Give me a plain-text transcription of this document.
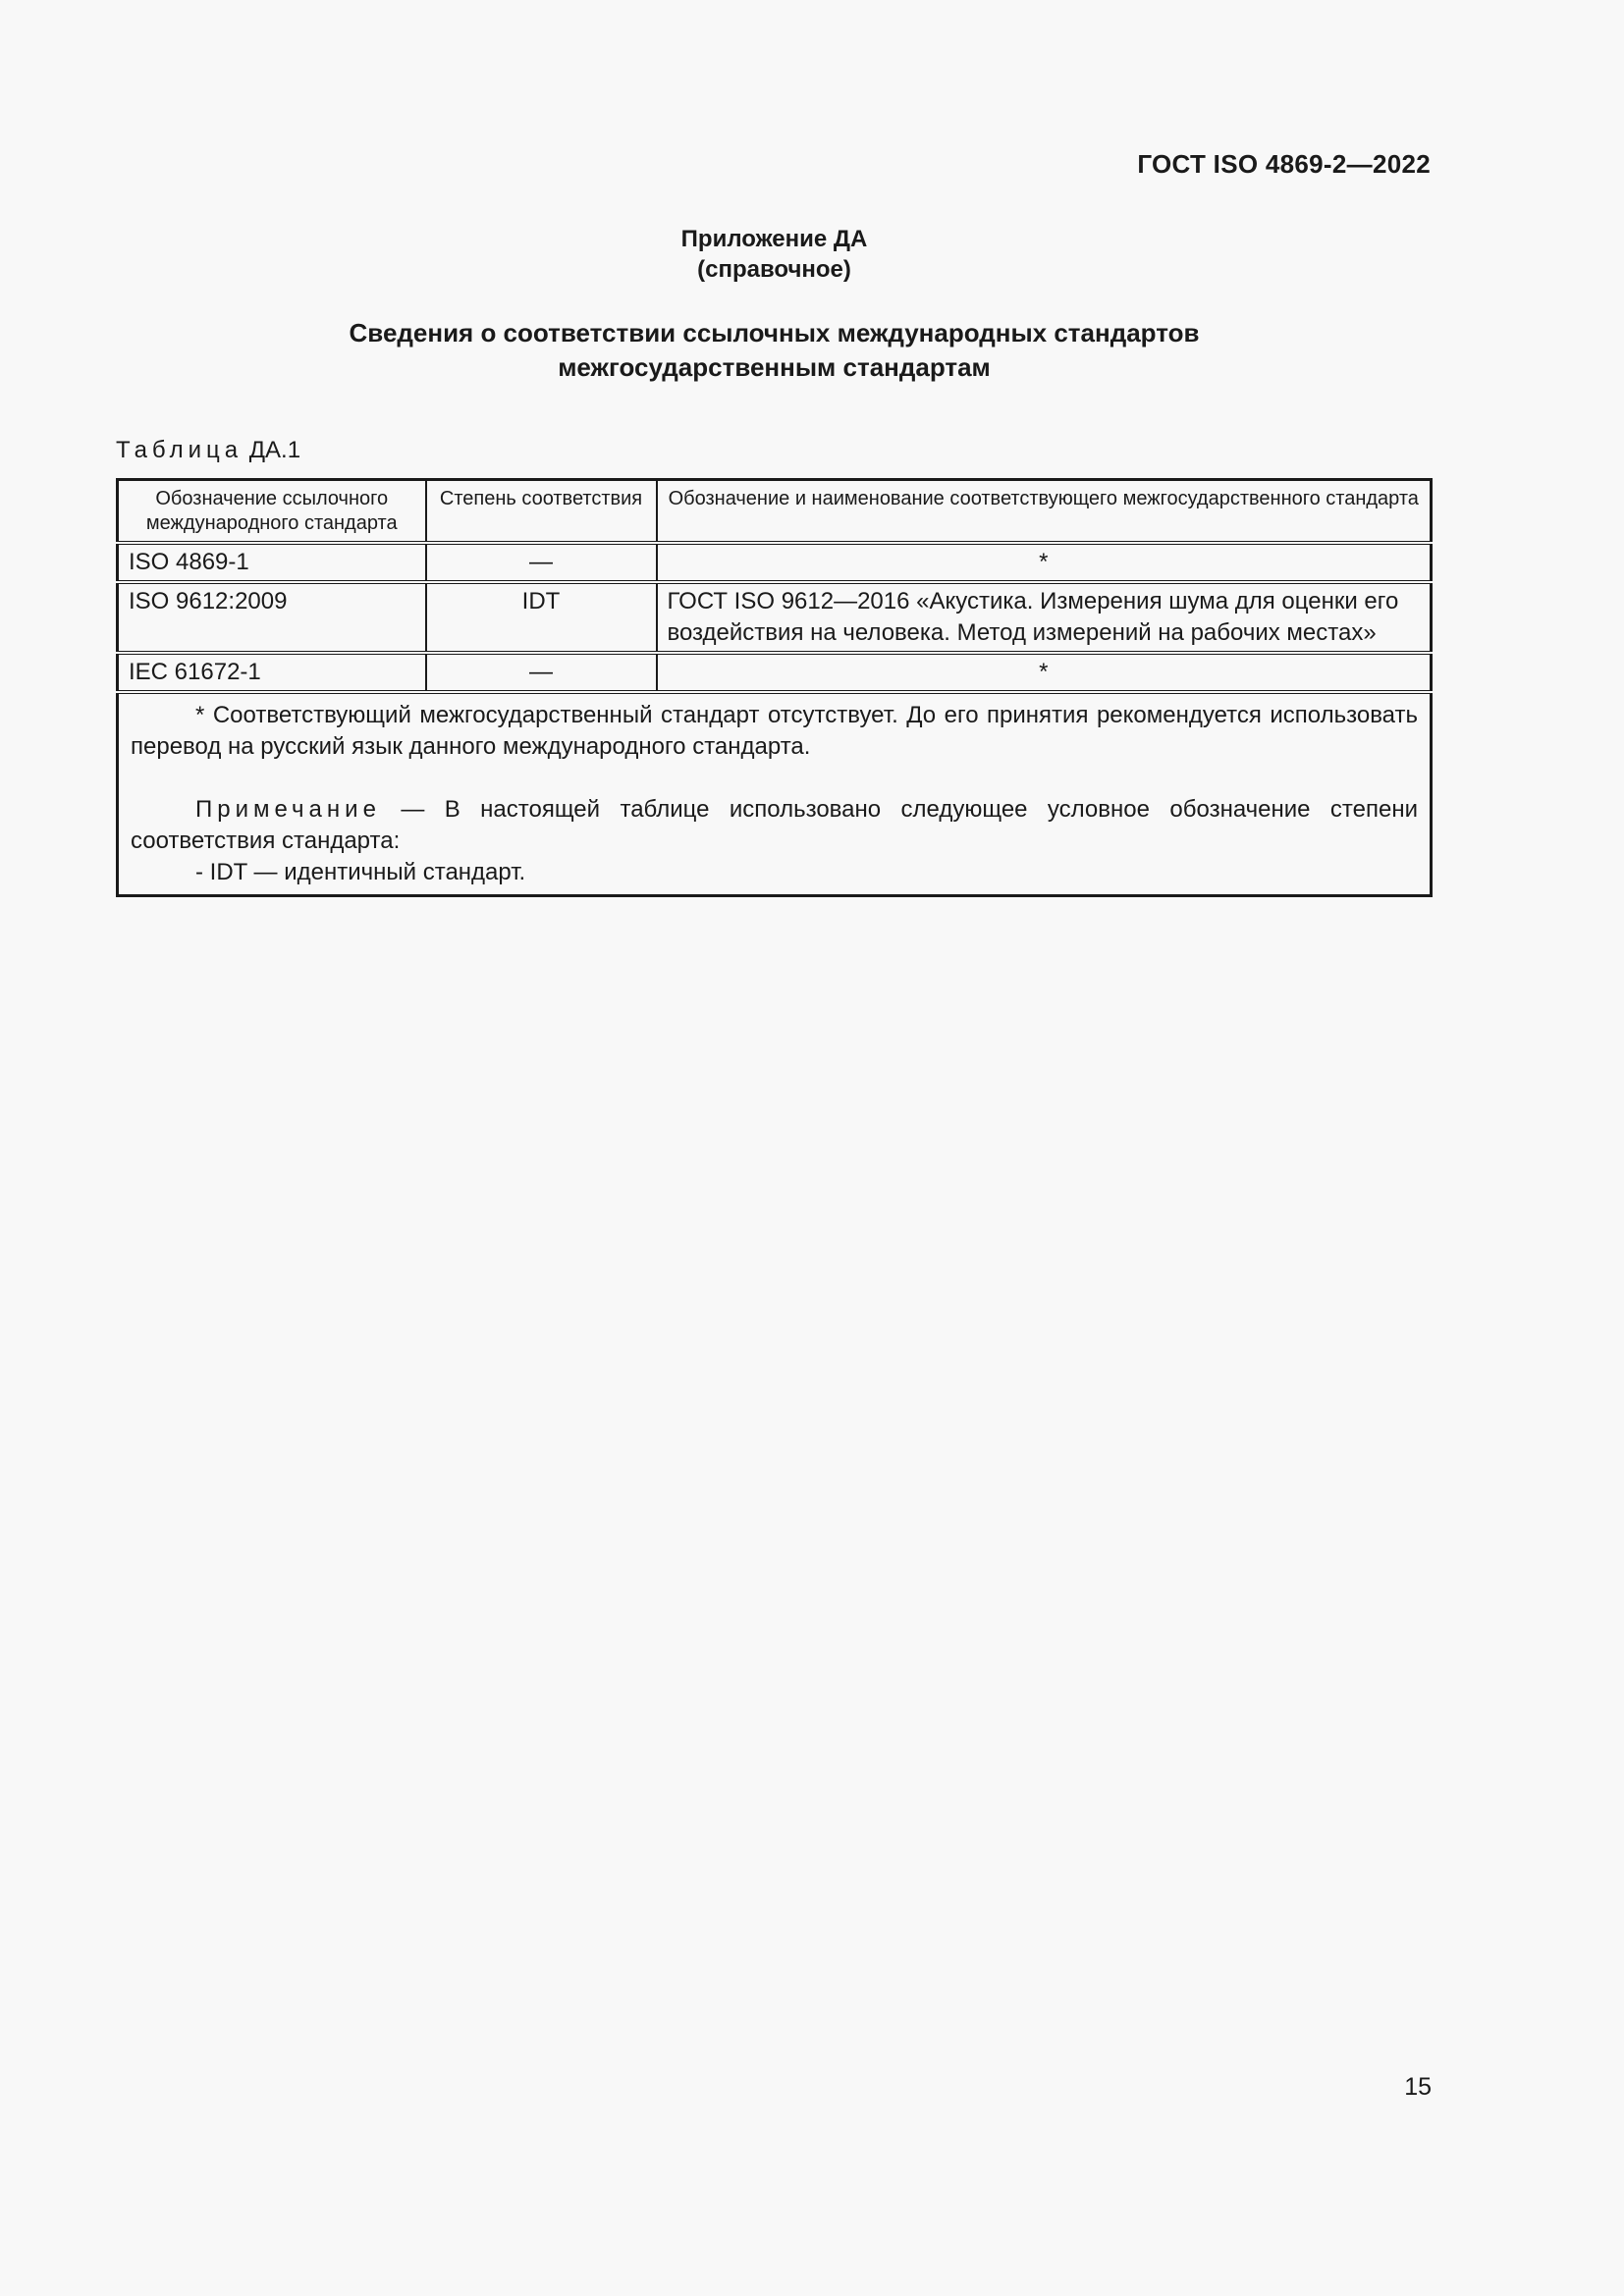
ГОСТ ISO 4869-2—2022
Приложение ДА
(справочное)
Сведения о соответствии ссылочных международных стандартов
межгосударственным стандартам
Таблица ДА.1
Обозначение ссылочного международного стандарта	Степень соответствия	Обозначение и наименование соответствующего межгосударственного стандарта
ISO 4869-1	—	*
ISO 9612:2009	IDT	ГОСТ ISO 9612—2016 «Акустика. Измерения шума для оценки его воздействия на человека. Метод измерений на рабочих местах»
IEC 61672-1	—	*

* Соответствующий межгосударственный стандарт отсутствует. До его принятия рекомендуется использовать перевод на русский язык данного международного стандарта.

Примечание — В настоящей таблице использовано следующее условное обозначение степени соответствия стандарта:

- IDT — идентичный стандарт.		
15
